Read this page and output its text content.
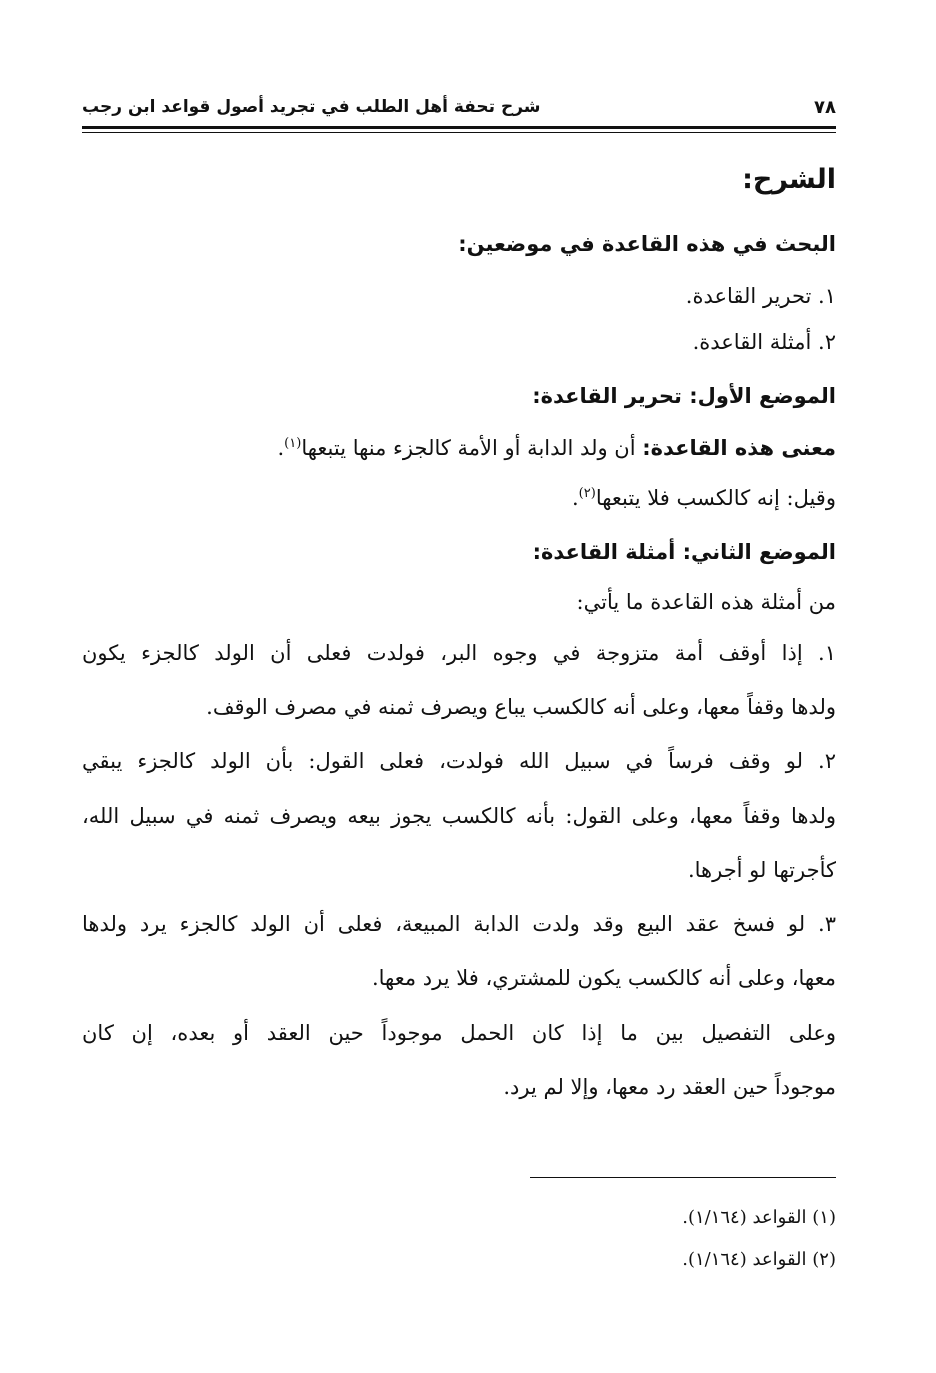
٧٨
شرح تحفة أهل الطلب في تجريد أصول قواعد ابن رجب
الشرح:
البحث في هذه القاعدة في موضعين:
١. تحرير القاعدة.
٢. أمثلة القاعدة.
الموضع الأول: تحرير القاعدة:
معنى هذه القاعدة: أن ولد الدابة أو الأمة كالجزء منها يتبعها$^{(١)}$.
وقيل: إنه كالكسب فلا يتبعها$^{(٢)}$.
الموضع الثاني: أمثلة القاعدة:
من أمثلة هذه القاعدة ما يأتي:
١. إذا أوقف أمة متزوجة في وجوه البر، فولدت فعلى أن الولد كالجزء يكون
ولدها وقفاً معها، وعلى أنه كالكسب يباع ويصرف ثمنه في مصرف الوقف.
٢. لو وقف فرساً في سبيل الله فولدت، فعلى القول: بأن الولد كالجزء يبقي
ولدها وقفاً معها، وعلى القول: بأنه كالكسب يجوز بيعه ويصرف ثمنه في سبيل الله،
كأجرتها لو أجرها.
٣. لو فسخ عقد البيع وقد ولدت الدابة المبيعة، فعلى أن الولد كالجزء يرد ولدها
معها، وعلى أنه كالكسب يكون للمشتري، فلا يرد معها.
وعلى التفصيل بين ما إذا كان الحمل موجوداً حين العقد أو بعده، إن كان
موجوداً حين العقد رد معها، وإلا لم يرد.
(١) القواعد (١/١٦٤).
(٢) القواعد (١/١٦٤).
